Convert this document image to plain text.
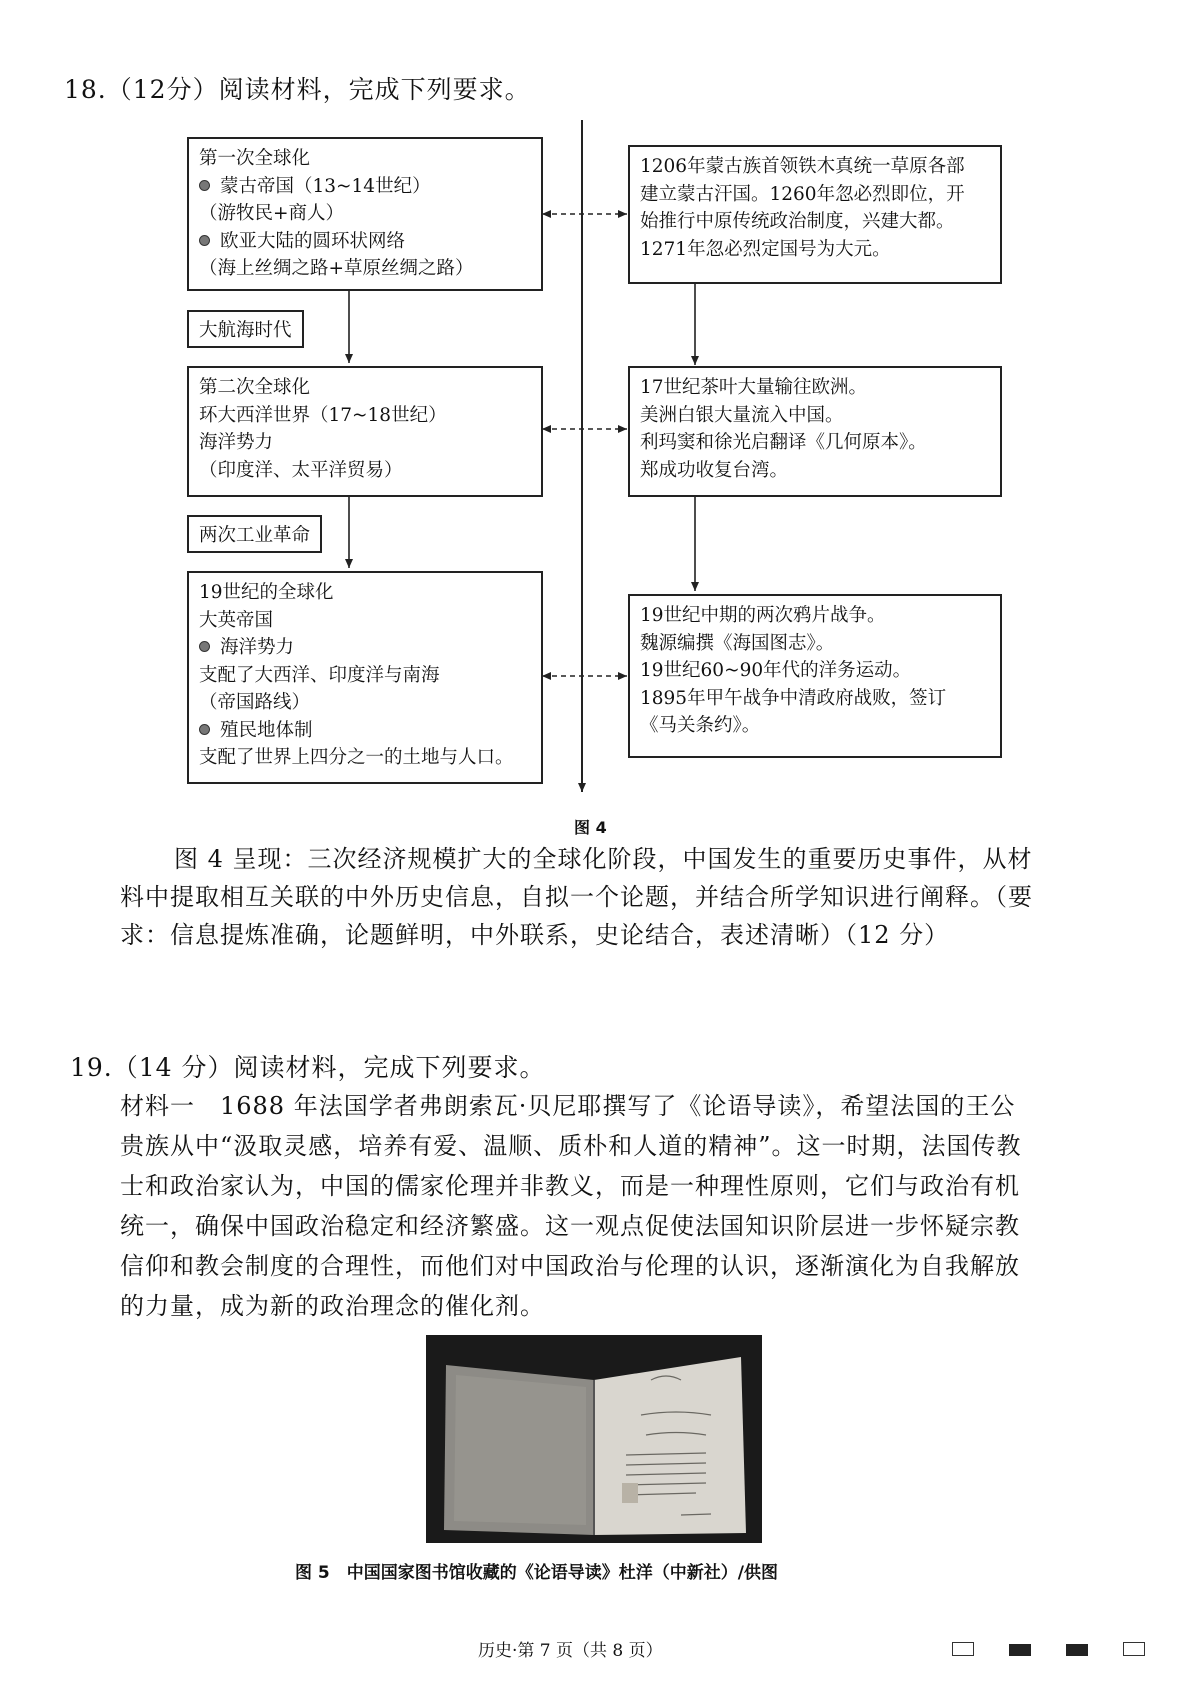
18.（12分）阅读材料，完成下列要求。
第一次全球化
蒙古帝国（13~14世纪）
（游牧民+商人）
欧亚大陆的圆环状网络
（海上丝绸之路+草原丝绸之路）
大航海时代
第二次全球化
环大西洋世界（17~18世纪）
海洋势力
（印度洋、太平洋贸易）
两次工业革命
19世纪的全球化
大英帝国
海洋势力
支配了大西洋、印度洋与南海
（帝国路线）
殖民地体制
支配了世界上四分之一的土地与人口。
1206年蒙古族首领铁木真统一草原各部
建立蒙古汗国。1260年忽必烈即位，开
始推行中原传统政治制度，兴建大都。
1271年忽必烈定国号为大元。
17世纪茶叶大量输往欧洲。
美洲白银大量流入中国。
利玛窦和徐光启翻译《几何原本》。
郑成功收复台湾。
19世纪中期的两次鸦片战争。
魏源编撰《海国图志》。
19世纪60~90年代的洋务运动。
1895年甲午战争中清政府战败，签订
《马关条约》。
图 4
图 4 呈现：三次经济规模扩大的全球化阶段，中国发生的重要历史事件，从材
料中提取相互关联的中外历史信息，自拟一个论题，并结合所学知识进行阐释。（要
求：信息提炼准确，论题鲜明，中外联系，史论结合，表述清晰）（12 分）
19.（14 分）阅读材料，完成下列要求。
材料一　1688 年法国学者弗朗索瓦·贝尼耶撰写了《论语导读》，希望法国的王公
贵族从中“汲取灵感，培养有爱、温顺、质朴和人道的精神”。这一时期，法国传教
士和政治家认为，中国的儒家伦理并非教义，而是一种理性原则，它们与政治有机
统一，确保中国政治稳定和经济繁盛。这一观点促使法国知识阶层进一步怀疑宗教
信仰和教会制度的合理性，而他们对中国政治与伦理的认识，逐渐演化为自我解放
的力量，成为新的政治理念的催化剂。
图 5　中国国家图书馆收藏的《论语导读》杜洋（中新社）/供图
历史·第 7 页（共 8 页）
